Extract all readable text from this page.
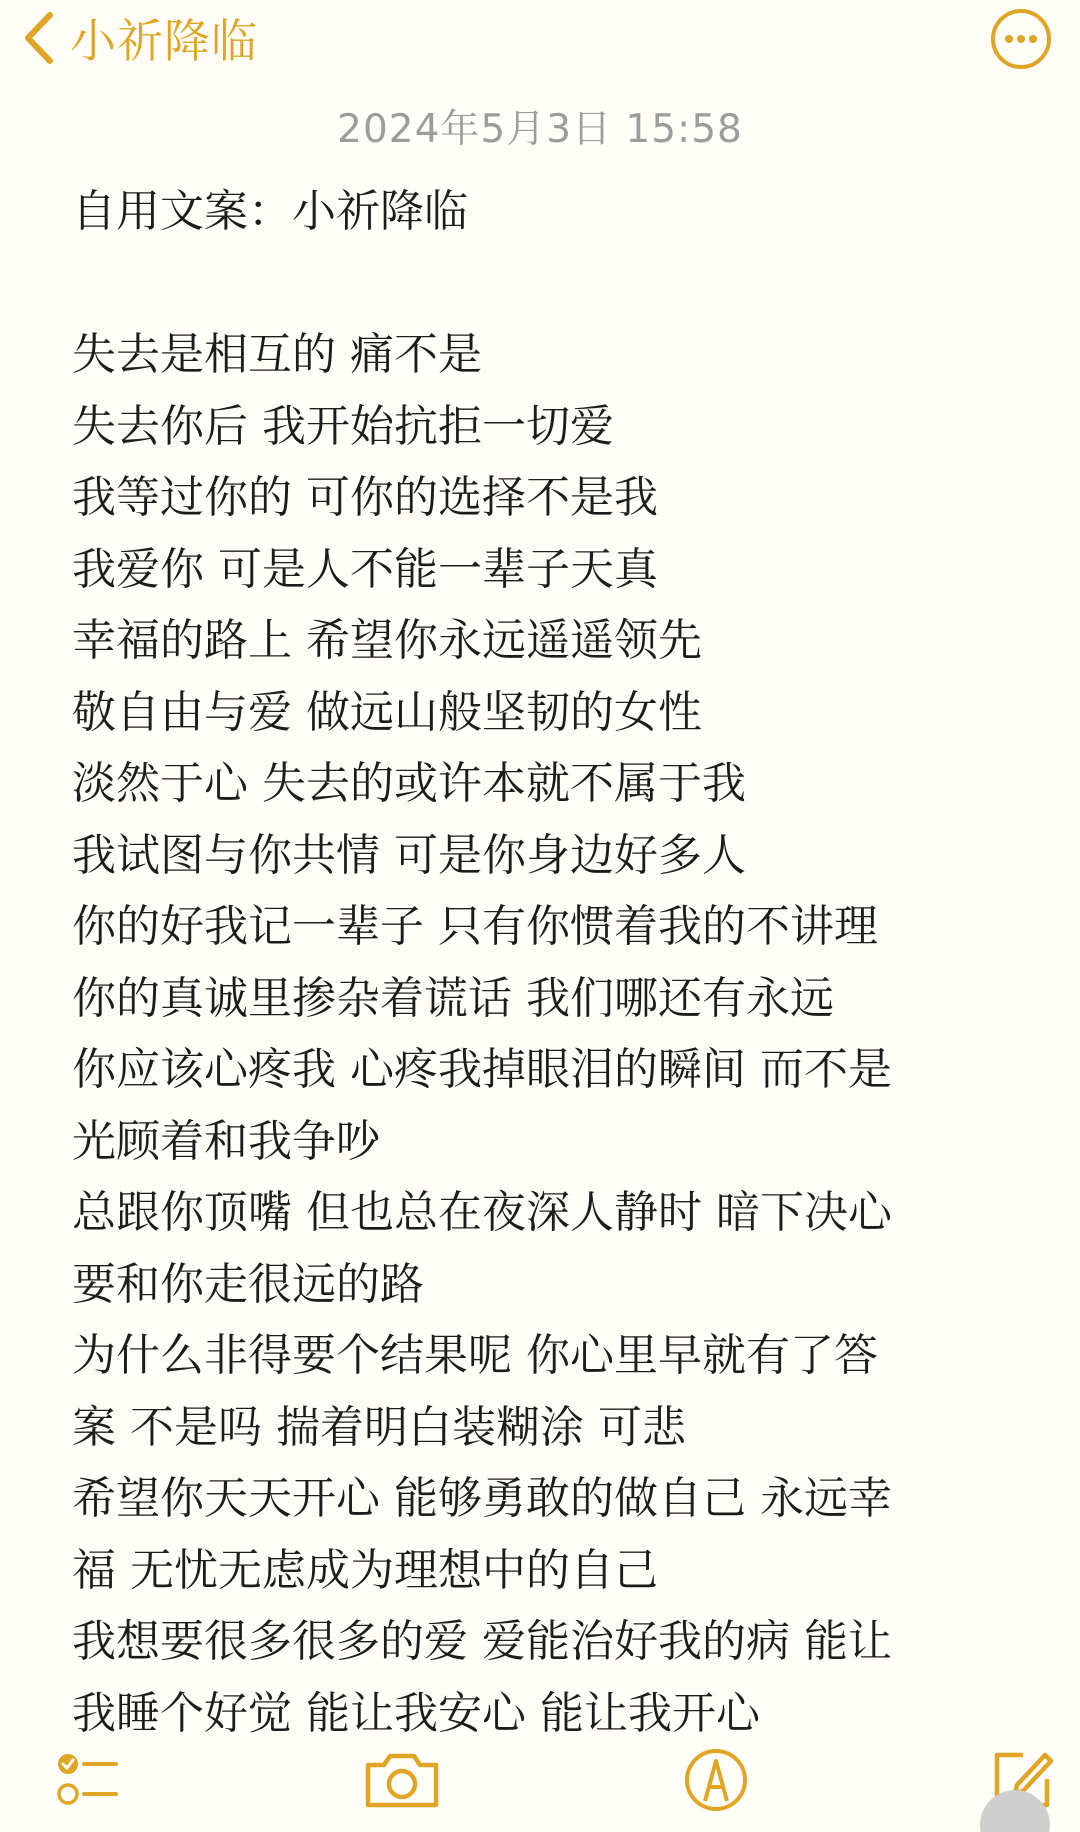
小祈降临
2024年5月3日 15:58
自用文案：小祈降临
失去是相互的 痛不是
失去你后 我开始抗拒一切爱
我等过你的 可你的选择不是我
我爱你 可是人不能一辈子天真
幸福的路上 希望你永远遥遥领先
敬自由与爱 做远山般坚韧的女性
淡然于心 失去的或许本就不属于我
我试图与你共情 可是你身边好多人
你的好我记一辈子 只有你惯着我的不讲理
你的真诚里掺杂着谎话 我们哪还有永远
你应该心疼我 心疼我掉眼泪的瞬间 而不是
光顾着和我争吵
总跟你顶嘴 但也总在夜深人静时 暗下决心
要和你走很远的路
为什么非得要个结果呢 你心里早就有了答
案 不是吗 揣着明白装糊涂 可悲
希望你天天开心 能够勇敢的做自己 永远幸
福 无忧无虑成为理想中的自己
我想要很多很多的爱 爱能治好我的病 能让
我睡个好觉 能让我安心 能让我开心
